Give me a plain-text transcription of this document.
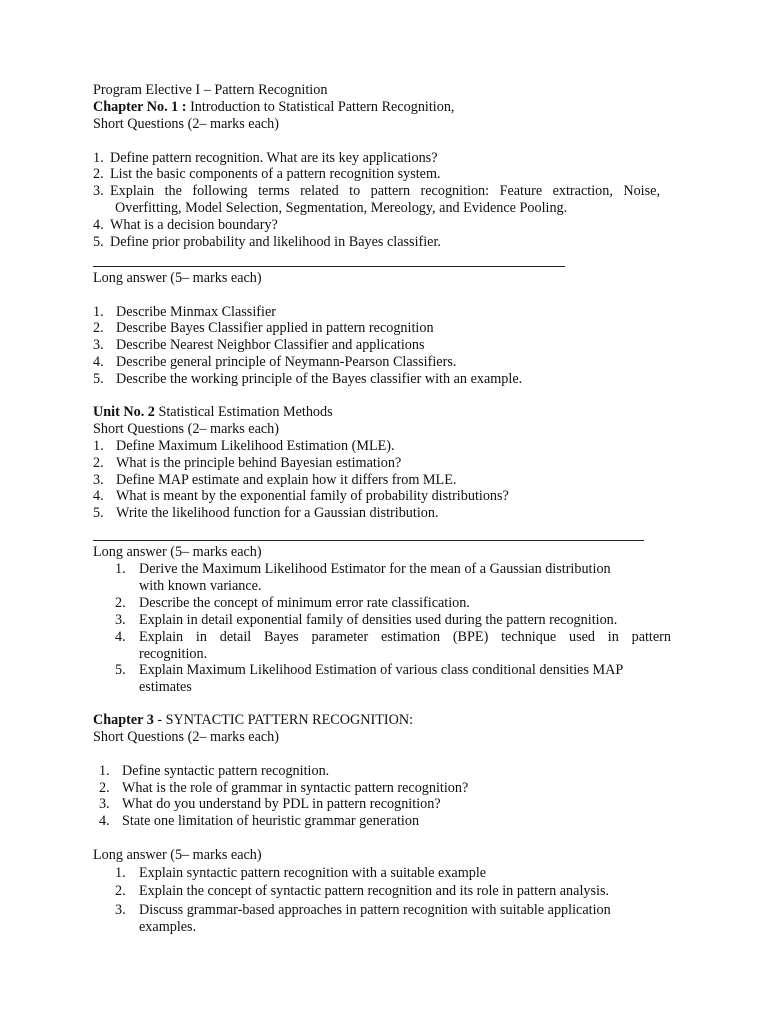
Program Elective I – Pattern Recognition
Chapter No. 1 : Introduction to Statistical Pattern Recognition,
Short Questions (2– marks each)
1. Define pattern recognition. What are its key applications?
2. List the basic components of a pattern recognition system.
3. Explain the following terms related to pattern recognition: Feature extraction, Noise,
Overfitting, Model Selection, Segmentation, Mereology, and Evidence Pooling.
4. What is a decision boundary?
5. Define prior probability and likelihood in Bayes classifier.
Long answer (5– marks each)
1. Describe Minmax Classifier
2. Describe Bayes Classifier applied in pattern recognition
3. Describe Nearest Neighbor Classifier and applications
4. Describe general principle of Neymann-Pearson Classifiers.
5. Describe the working principle of the Bayes classifier with an example.
Unit No. 2 Statistical Estimation Methods
Short Questions (2– marks each)
1. Define Maximum Likelihood Estimation (MLE).
2. What is the principle behind Bayesian estimation?
3. Define MAP estimate and explain how it differs from MLE.
4. What is meant by the exponential family of probability distributions?
5. Write the likelihood function for a Gaussian distribution.
Long answer (5– marks each)
1. Derive the Maximum Likelihood Estimator for the mean of a Gaussian distribution
with known variance.
2. Describe the concept of minimum error rate classification.
3. Explain in detail exponential family of densities used during the pattern recognition.
4. Explain in detail Bayes parameter estimation (BPE) technique used in pattern
recognition.
5. Explain Maximum Likelihood Estimation of various class conditional densities MAP
estimates
Chapter 3 - SYNTACTIC PATTERN RECOGNITION:
Short Questions (2– marks each)
1. Define syntactic pattern recognition.
2. What is the role of grammar in syntactic pattern recognition?
3. What do you understand by PDL in pattern recognition?
4. State one limitation of heuristic grammar generation
Long answer (5– marks each)
1. Explain syntactic pattern recognition with a suitable example
2. Explain the concept of syntactic pattern recognition and its role in pattern analysis.
3. Discuss grammar-based approaches in pattern recognition with suitable application
examples.
